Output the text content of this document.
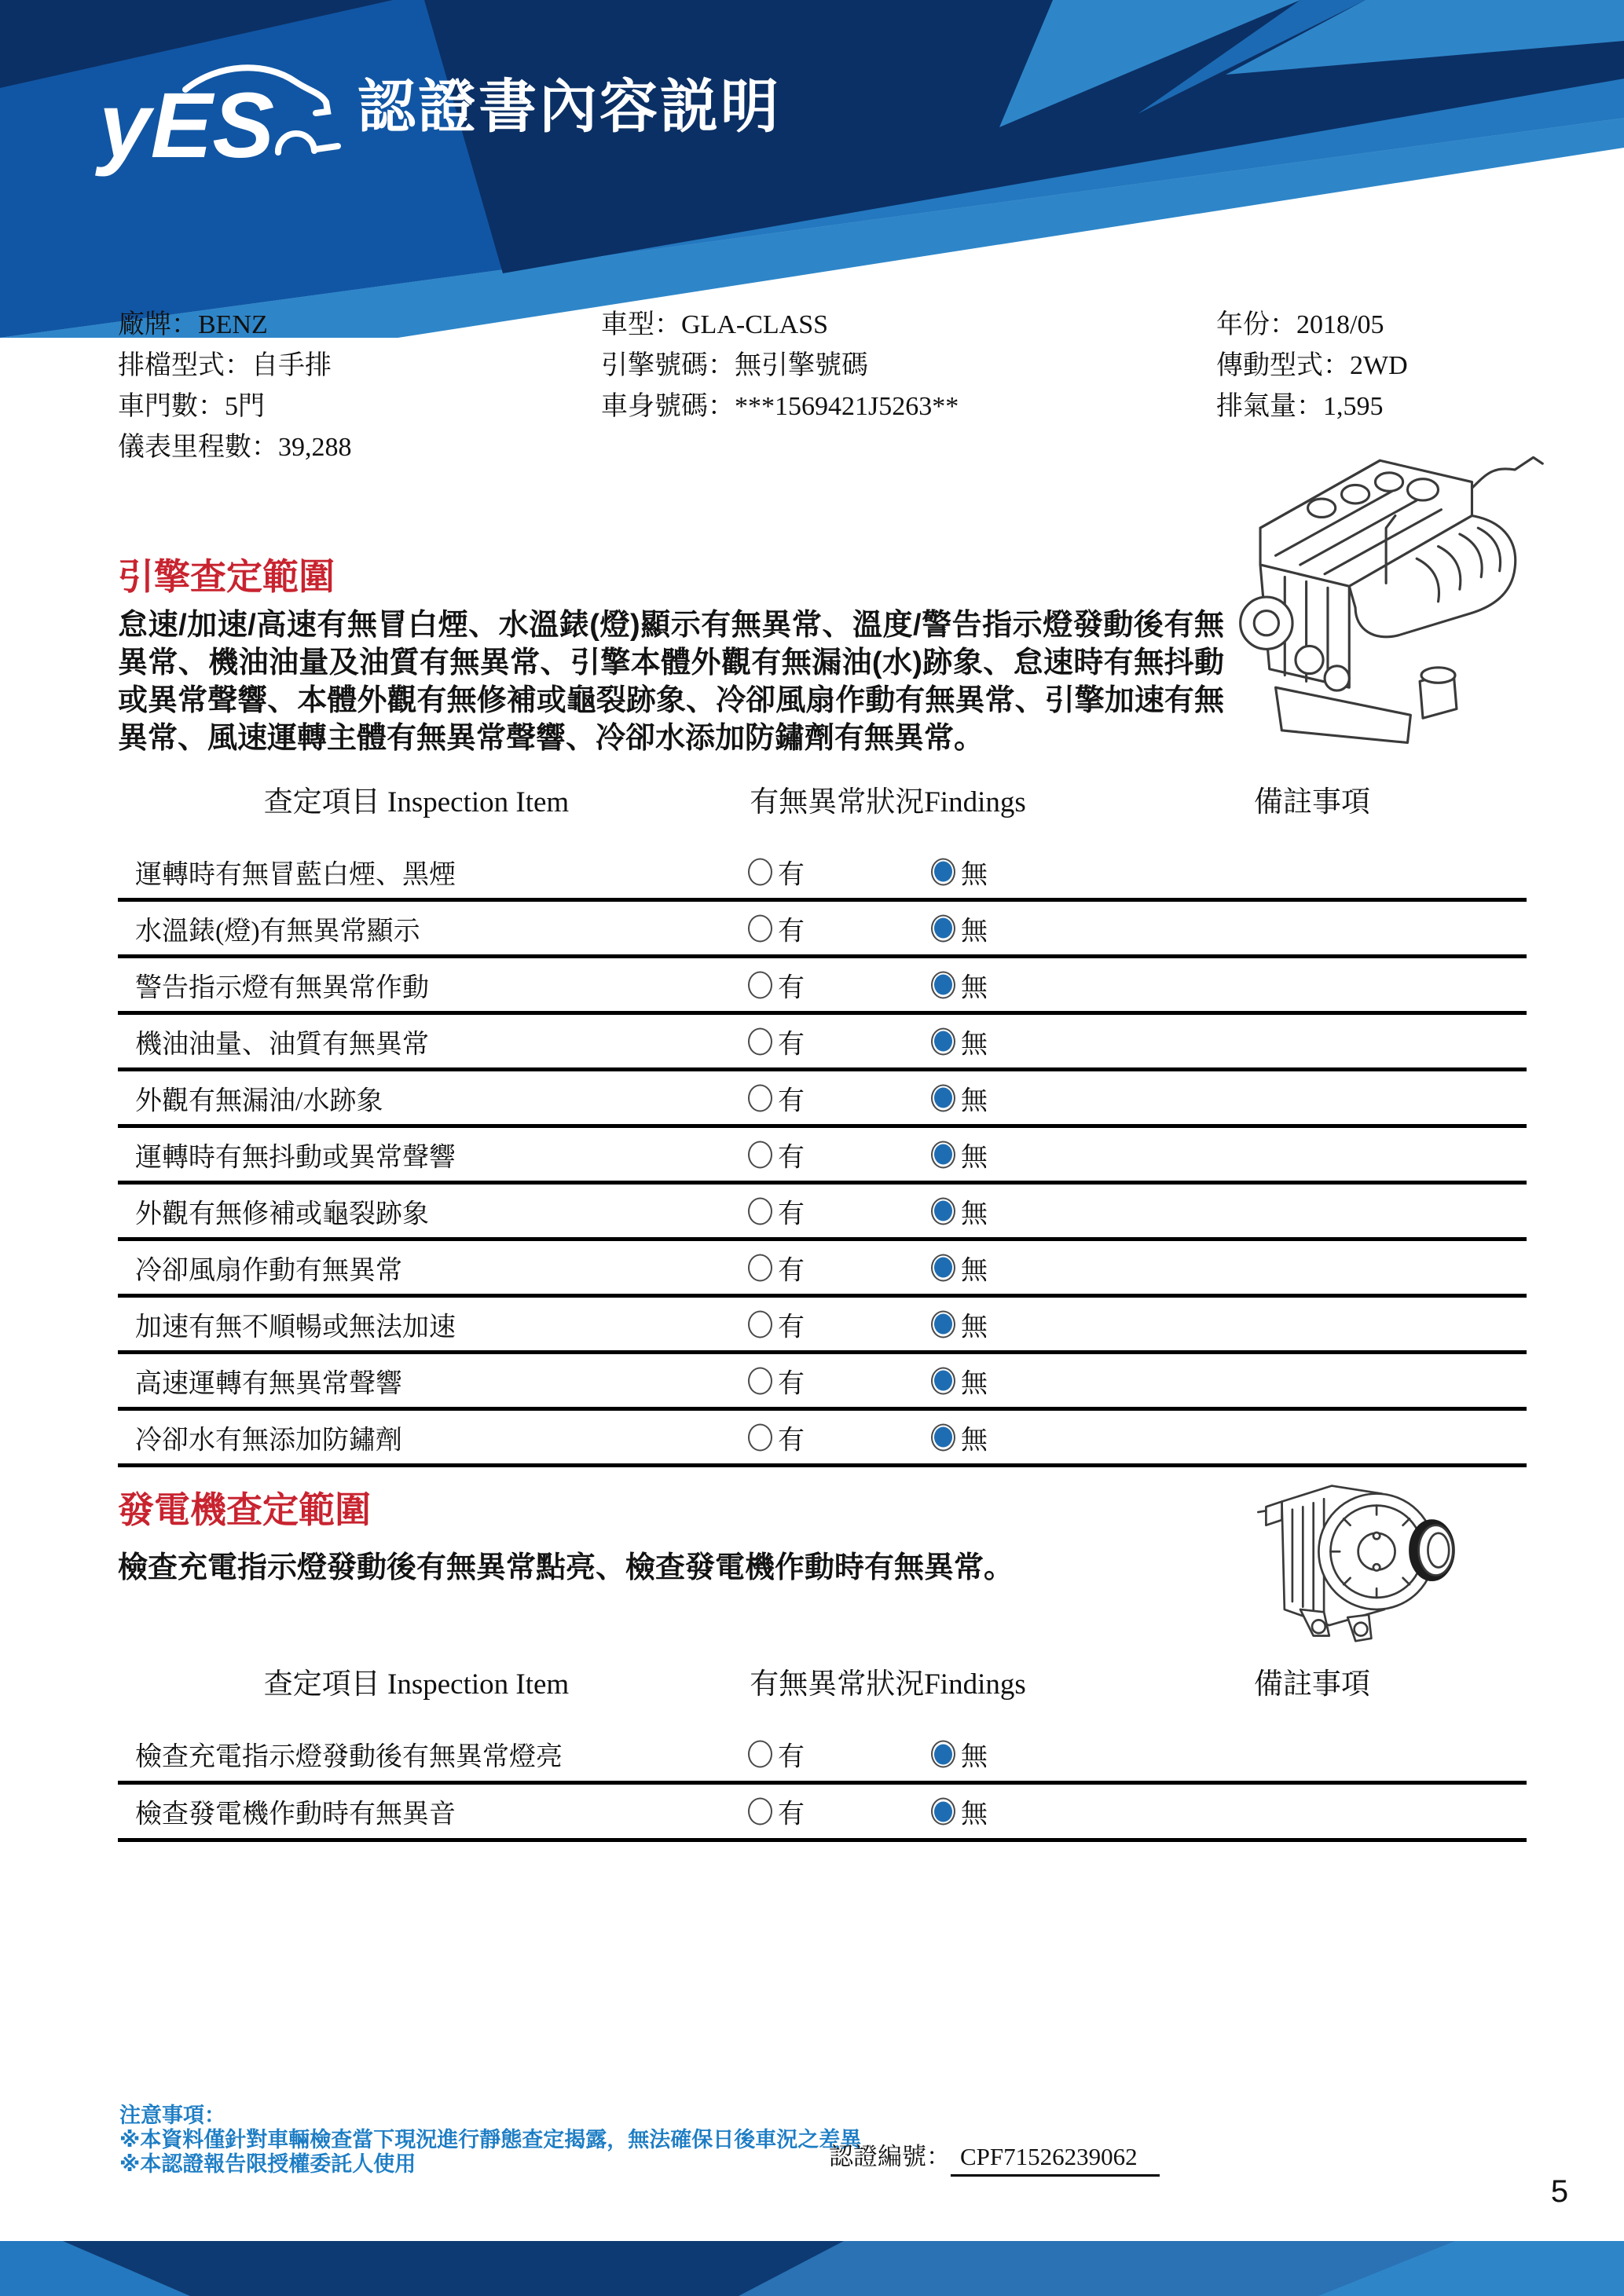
yES 認證書內容説明
廠牌：BENZ
排檔型式：自手排
車門數：5門
儀表里程數：39,288
車型：GLA-CLASS
引擎號碼：無引擎號碼
車身號碼：***1569421J5263**
年份：2018/05
傳動型式：2WD
排氣量：1,595
引擎查定範圍

怠速/加速/高速有無冒白煙、水溫錶(燈)顯示有無異常、溫度/警告指示燈發動後有無異常、機油油量及油質有無異常、引擎本體外觀有無漏油(水)跡象、怠速時有無抖動或異常聲響、本體外觀有無修補或龜裂跡象、冷卻風扇作動有無異常、引擎加速有無異常、風速運轉主體有無異常聲響、冷卻水添加防鏽劑有無異常。

查定項目 Inspection Item	有無異常狀況Findings	備註事項
運轉時有無冒藍白煙、黑煙	有	無
水溫錶(燈)有無異常顯示	有	無
警告指示燈有無異常作動	有	無
機油油量、油質有無異常	有	無
外觀有無漏油/水跡象	有	無
運轉時有無抖動或異常聲響	有	無
外觀有無修補或龜裂跡象	有	無
冷卻風扇作動有無異常	有	無
加速有無不順暢或無法加速	有	無
高速運轉有無異常聲響	有	無
冷卻水有無添加防鏽劑	有	無
發電機查定範圍

檢查充電指示燈發動後有無異常點亮、檢查發電機作動時有無異常。

查定項目 Inspection Item	有無異常狀況Findings	備註事項
檢查充電指示燈發動後有無異常燈亮	有	無
檢查發電機作動時有無異音	有	無

注意事項：

※本資料僅針對車輛檢查當下現況進行靜態查定揭露，無法確保日後車況之差異

※本認證報告限授權委託人使用	認證編號： CPF71526239062
5
